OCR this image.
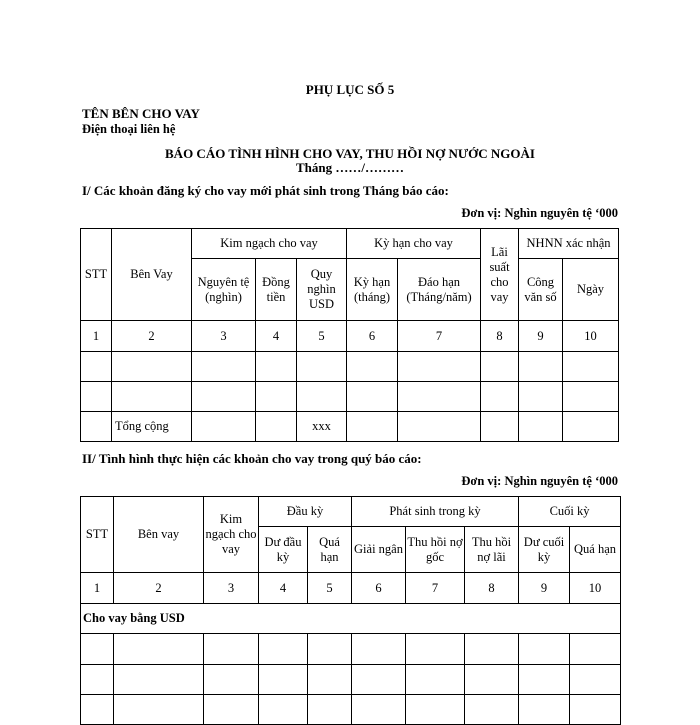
PHỤ LỤC SỐ 5
TÊN BÊN CHO VAY
Điện thoại liên hệ
BÁO CÁO TÌNH HÌNH CHO VAY, THU HỒI NỢ NƯỚC NGOÀI
Tháng ……/………
I/ Các khoản đăng ký cho vay mới phát sinh trong Tháng báo cáo:
Đơn vị: Nghìn nguyên tệ ‘000
STT	Bên Vay	Kim ngạch cho vay			Kỳ hạn cho vay		Lãi suất cho vay	NHNN xác nhận	
		Nguyên tệ (nghìn)	Đồng tiền	Quy nghìn USD	Kỳ hạn (tháng)	Đáo hạn (Tháng/năm)		Công văn số	Ngày
1	2	3	4	5	6	7	8	9	10

	Tổng cộng			xxx					
II/ Tình hình thực hiện các khoản cho vay trong quý báo cáo:
Đơn vị: Nghìn nguyên tệ ‘000
STT	Bên vay	Kim ngạch cho vay	Đầu kỳ		Phát sinh trong kỳ			Cuối kỳ	
			Dư đầu kỳ	Quá hạn	Giải ngân	Thu hồi nợ gốc	Thu hồi nợ lãi	Dư cuối kỳ	Quá hạn
1	2	3	4	5	6	7	8	9	10
Cho vay bằng USD									
